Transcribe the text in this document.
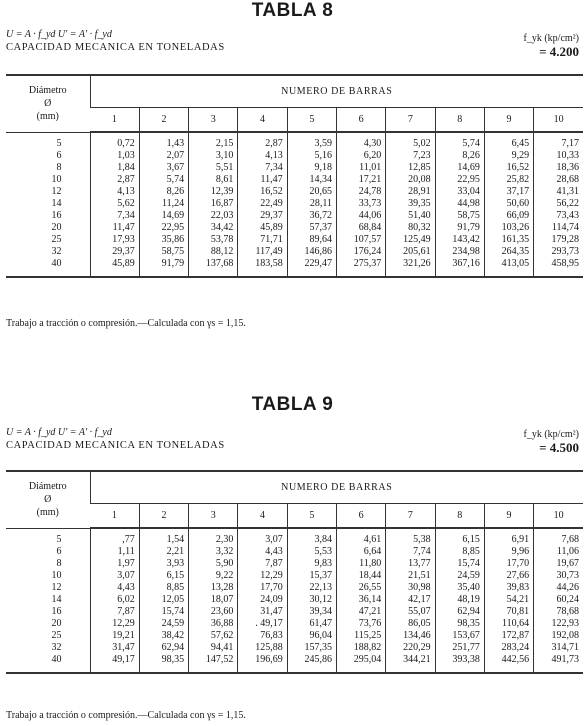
TABLA 8
U = A · f_yd U' = A' · f_yd
CAPACIDAD MECANICA EN TONELADAS
f_yk (kp/cm²)
= 4.200
Diámetro
Ø
(mm)	NUMERO DE BARRAS									
	1	2	3	4	5	6	7	8	9	10
5	0,72	1,43	2,15	2,87	3,59	4,30	5,02	5,74	6,45	7,17
6	1,03	2,07	3,10	4,13	5,16	6,20	7,23	8,26	9,29	10,33
8	1,84	3,67	5,51	7,34	9,18	11,01	12,85	14,69	16,52	18,36
10	2,87	5,74	8,61	11,47	14,34	17,21	20,08	22,95	25,82	28,68
12	4,13	8,26	12,39	16,52	20,65	24,78	28,91	33,04	37,17	41,31
14	5,62	11,24	16,87	22,49	28,11	33,73	39,35	44,98	50,60	56,22
16	7,34	14,69	22,03	29,37	36,72	44,06	51,40	58,75	66,09	73,43
20	11,47	22,95	34,42	45,89	57,37	68,84	80,32	91,79	103,26	114,74
25	17,93	35,86	53,78	71,71	89,64	107,57	125,49	143,42	161,35	179,28
32	29,37	58,75	88,12	117,49	146,86	176,24	205,61	234,98	264,35	293,73
40	45,89	91,79	137,68	183,58	229,47	275,37	321,26	367,16	413,05	458,95
Trabajo a tracción o compresión.—Calculada con γs = 1,15.
TABLA 9
U = A · f_yd U' = A' · f_yd
CAPACIDAD MECANICA EN TONELADAS
f_yk (kp/cm²)
= 4.500
Diámetro
Ø
(mm)	NUMERO DE BARRAS									
	1	2	3	4	5	6	7	8	9	10
5	,77	1,54	2,30	3,07	3,84	4,61	5,38	6,15	6,91	7,68
6	1,11	2,21	3,32	4,43	5,53	6,64	7,74	8,85	9,96	11,06
8	1,97	3,93	5,90	7,87	9,83	11,80	13,77	15,74	17,70	19,67
10	3,07	6,15	9,22	12,29	15,37	18,44	21,51	24,59	27,66	30,73
12	4,43	8,85	13,28	17,70	22,13	26,55	30,98	35,40	39,83	44,26
14	6,02	12,05	18,07	24,09	30,12	36,14	42,17	48,19	54,21	60,24
16	7,87	15,74	23,60	31,47	39,34	47,21	55,07	62,94	70,81	78,68
20	12,29	24,59	36,88	. 49,17	61,47	73,76	86,05	98,35	110,64	122,93
25	19,21	38,42	57,62	76,83	96,04	115,25	134,46	153,67	172,87	192,08
32	31,47	62,94	94,41	125,88	157,35	188,82	220,29	251,77	283,24	314,71
40	49,17	98,35	147,52	196,69	245,86	295,04	344,21	393,38	442,56	491,73
Trabajo a tracción o compresión.—Calculada con γs = 1,15.
